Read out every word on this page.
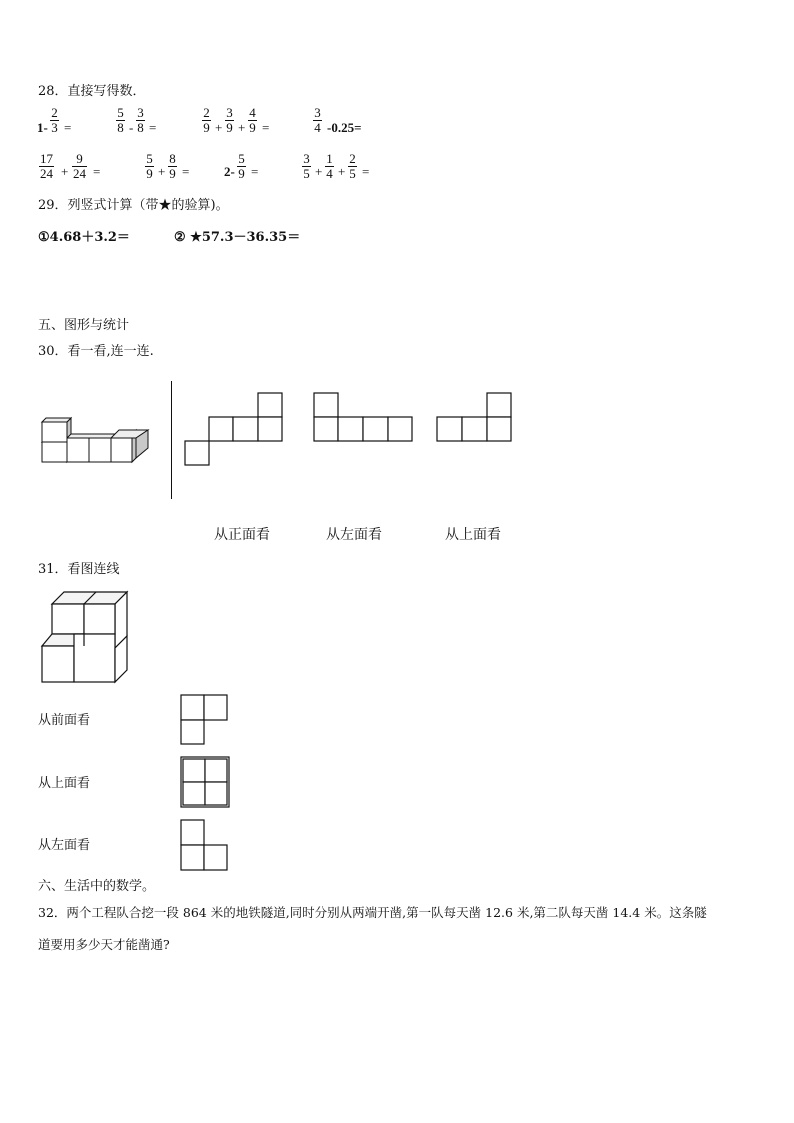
28．直接写得数．
1-
2
3 =
5
8 -
3
8 =
2
9 +
3
9 +
4
9 =
3
4 -0.25=
17
24 +
9
24 =
5
9 +
8
9 =	2-
5
9 =
3
5 +
1
4 +
2
5 =
29．列竖式计算（带★的验算)。
①4.68＋3.2＝	② ★57.3－36.35＝
五、图形与统计
30．看一看,连一连.
从正面看	从左面看	从上面看
31．看图连线
从前面看
从上面看
从左面看
六、生活中的数学。
32．两个工程队合挖一段 864 米的地铁隧道,同时分别从两端开凿,第一队每天凿 12.6 米,第二队每天凿 14.4 米。这条隧
道要用多少天才能凿通?
